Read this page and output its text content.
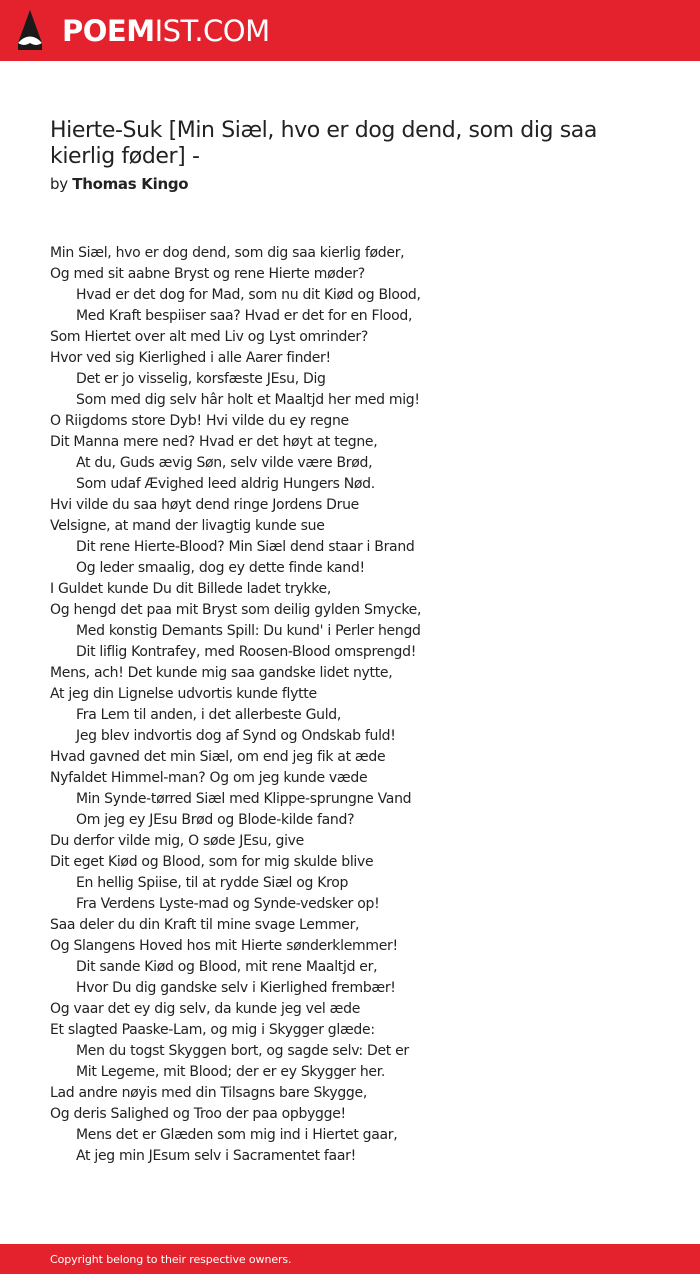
POEM IST.COM
Hierte-Suk [Min Siæl, hvo er dog dend, som dig saa kierlig føder] -
by Thomas Kingo
Min Siæl, hvo er dog dend, som dig saa kierlig føder,
Og med sit aabne Bryst og rene Hierte møder?
Hvad er det dog for Mad, som nu dit Kiød og Blood,
Med Kraft bespiiser saa? Hvad er det for en Flood,
Som Hiertet over alt med Liv og Lyst omrinder?
Hvor ved sig Kierlighed i alle Aarer finder!
Det er jo visselig, korsfæste JEsu, Dig
Som med dig selv hâr holt et Maaltjd her med mig!
O Riigdoms store Dyb! Hvi vilde du ey regne
Dit Manna mere ned? Hvad er det høyt at tegne,
At du, Guds ævig Søn, selv vilde være Brød,
Som udaf Ævighed leed aldrig Hungers Nød.
Hvi vilde du saa høyt dend ringe Jordens Drue
Velsigne, at mand der livagtig kunde sue
Dit rene Hierte-Blood? Min Siæl dend staar i Brand
Og leder smaalig, dog ey dette finde kand!
I Guldet kunde Du dit Billede ladet trykke,
Og hengd det paa mit Bryst som deilig gylden Smycke,
Med konstig Demants Spill: Du kund' i Perler hengd
Dit liflig Kontrafey, med Roosen-Blood omsprengd!
Mens, ach! Det kunde mig saa gandske lidet nytte,
At jeg din Lignelse udvortis kunde flytte
Fra Lem til anden, i det allerbeste Guld,
Jeg blev indvortis dog af Synd og Ondskab fuld!
Hvad gavned det min Siæl, om end jeg fik at æde
Nyfaldet Himmel-man? Og om jeg kunde væde
Min Synde-tørred Siæl med Klippe-sprungne Vand
Om jeg ey JEsu Brød og Blode-kilde fand?
Du derfor vilde mig, O søde JEsu, give
Dit eget Kiød og Blood, som for mig skulde blive
En hellig Spiise, til at rydde Siæl og Krop
Fra Verdens Lyste-mad og Synde-vedsker op!
Saa deler du din Kraft til mine svage Lemmer,
Og Slangens Hoved hos mit Hierte sønderklemmer!
Dit sande Kiød og Blood, mit rene Maaltjd er,
Hvor Du dig gandske selv i Kierlighed frembær!
Og vaar det ey dig selv, da kunde jeg vel æde
Et slagted Paaske-Lam, og mig i Skygger glæde:
Men du togst Skyggen bort, og sagde selv: Det er
Mit Legeme, mit Blood; der er ey Skygger her.
Lad andre nøyis med din Tilsagns bare Skygge,
Og deris Salighed og Troo der paa opbygge!
Mens det er Glæden som mig ind i Hiertet gaar,
At jeg min JEsum selv i Sacramentet faar!
Copyright belong to their respective owners.
